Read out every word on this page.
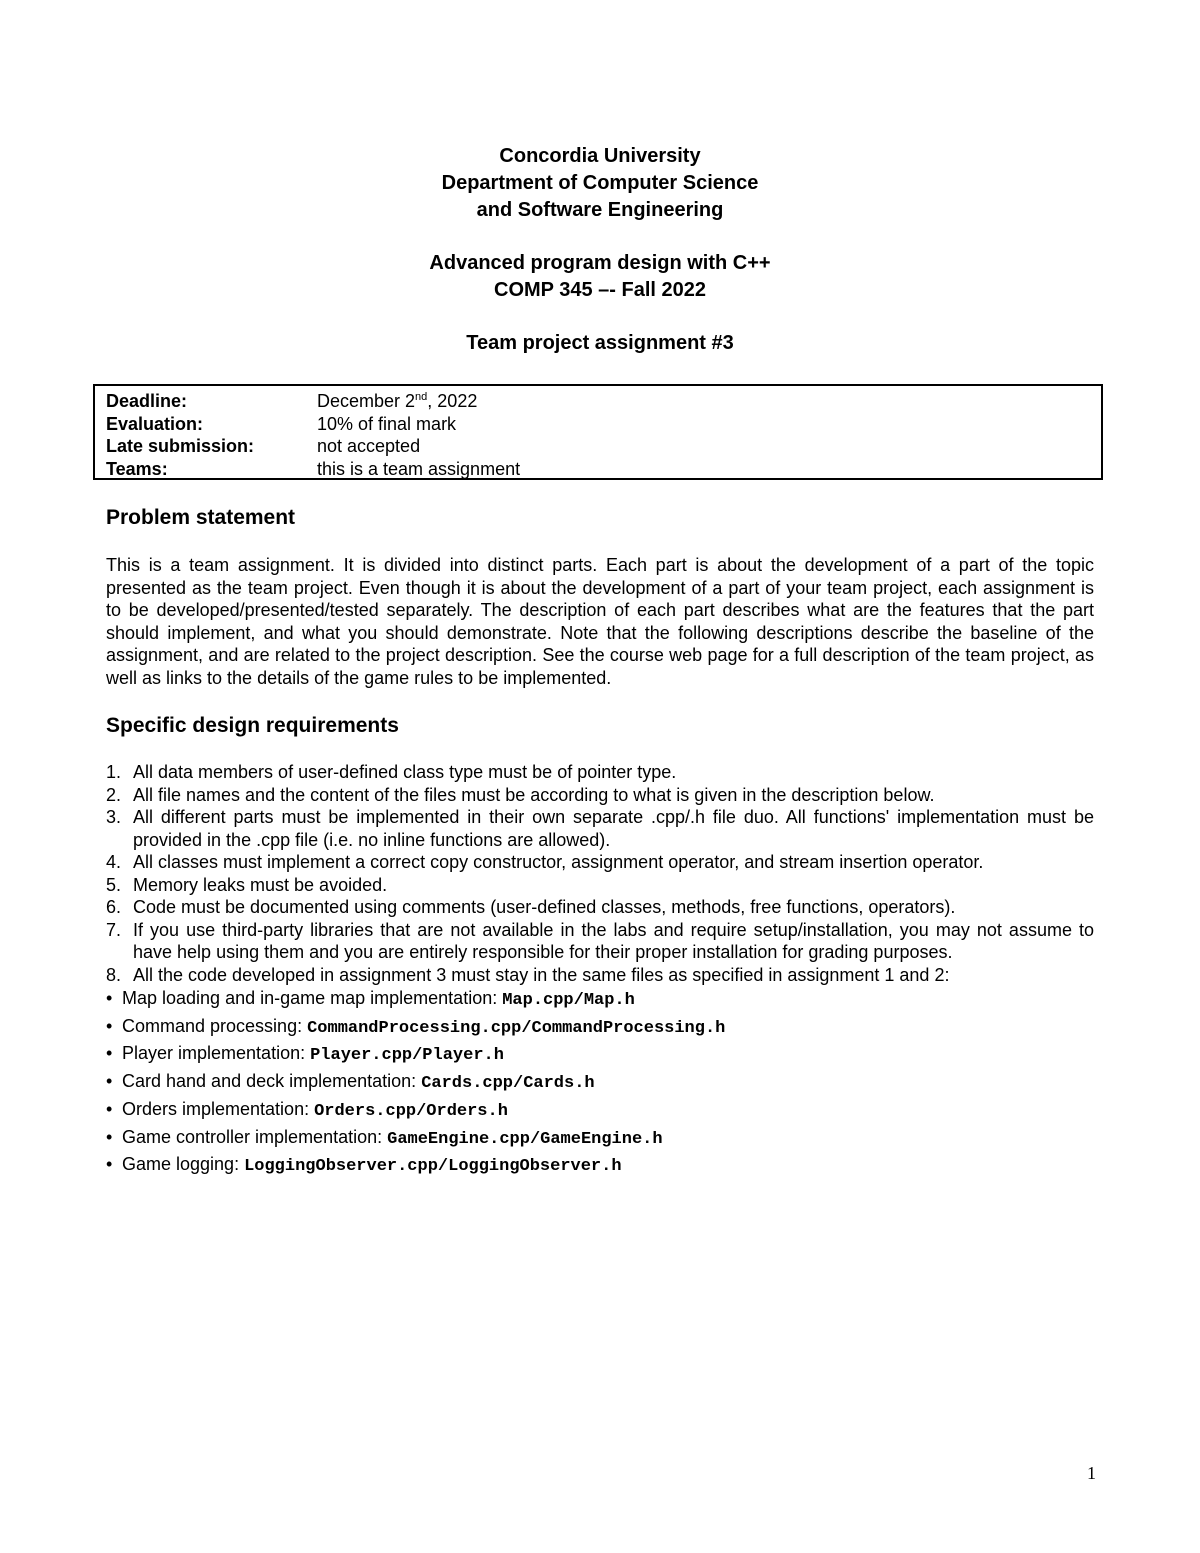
Concordia University
Department of Computer Science
and Software Engineering
Advanced program design with C++
COMP 345 –- Fall 2022
Team project assignment #3
Deadline:	December 2nd, 2022
Evaluation:	10% of final mark
Late submission:	not accepted
Teams:	this is a team assignment
Problem statement

This is a team assignment. It is divided into distinct parts. Each part is about the development of a part of the topic presented as the team project. Even though it is about the development of a part of your team project, each assignment is to be developed/presented/tested separately. The description of each part describes what are the features that the part should implement, and what you should demonstrate. Note that the following descriptions describe the baseline of the assignment, and are related to the project description. See the course web page for a full description of the team project, as well as links to the details of the game rules to be implemented.

Specific design requirements
1. All data members of user-defined class type must be of pointer type.
2. All file names and the content of the files must be according to what is given in the description below.
3. All different parts must be implemented in their own separate .cpp/.h file duo. All functions' implementation must be provided in the .cpp file (i.e. no inline functions are allowed).
4. All classes must implement a correct copy constructor, assignment operator, and stream insertion operator.
5. Memory leaks must be avoided.
6. Code must be documented using comments (user-defined classes, methods, free functions, operators).
7. If you use third-party libraries that are not available in the labs and require setup/installation, you may not assume to have help using them and you are entirely responsible for their proper installation for grading purposes.
8. All the code developed in assignment 3 must stay in the same files as specified in assignment 1 and 2:
• Map loading and in-game map implementation: Map.cpp/Map.h
• Command processing: CommandProcessing.cpp/CommandProcessing.h
• Player implementation: Player.cpp/Player.h
• Card hand and deck implementation: Cards.cpp/Cards.h
• Orders implementation: Orders.cpp/Orders.h
• Game controller implementation: GameEngine.cpp/GameEngine.h
• Game logging: LoggingObserver.cpp/LoggingObserver.h
1
